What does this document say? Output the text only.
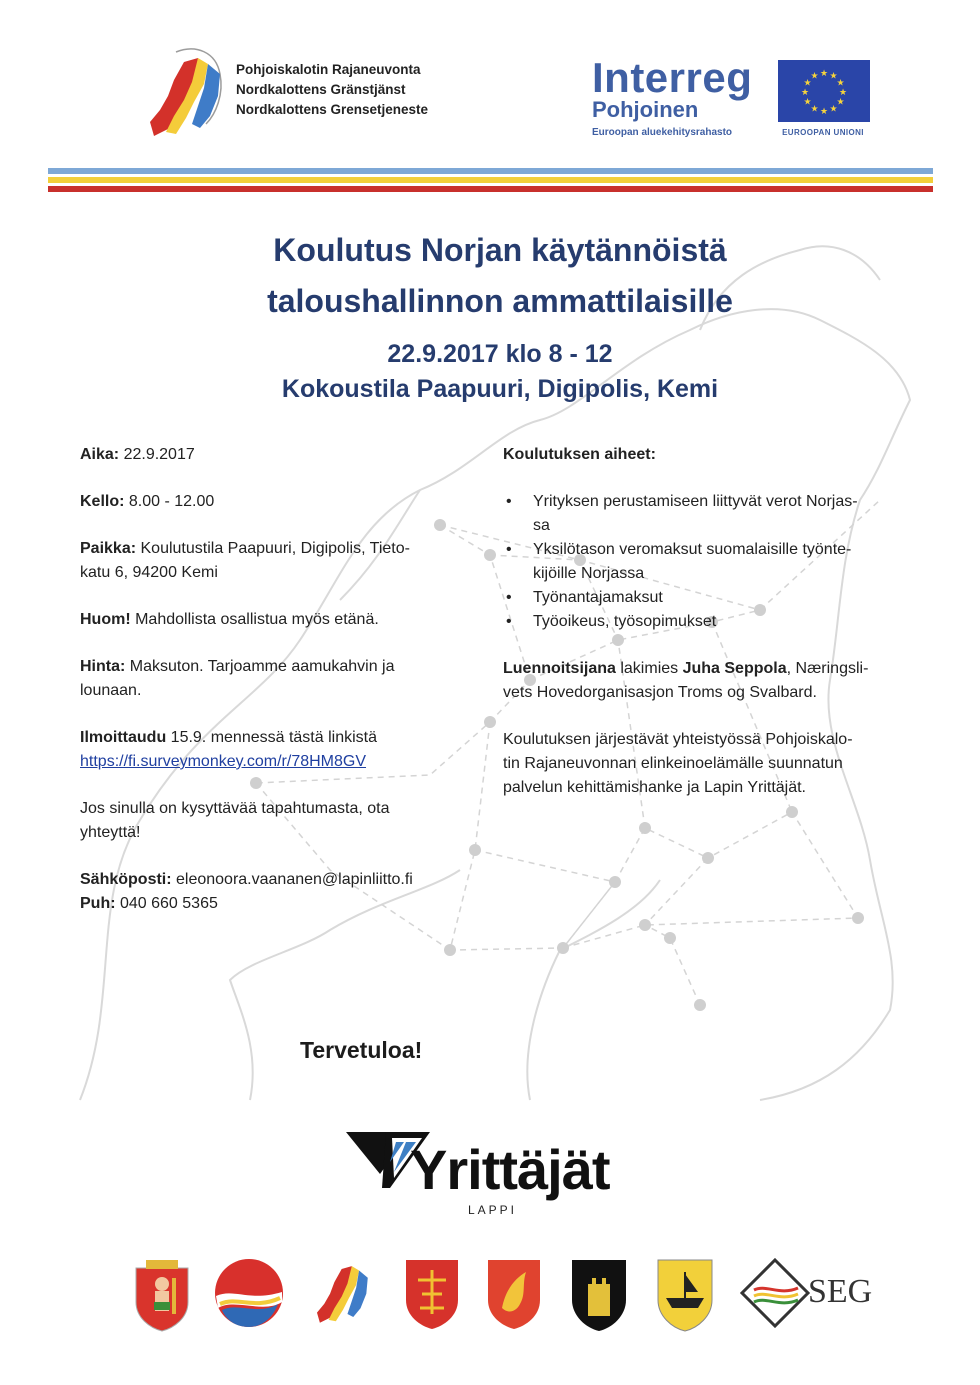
Pohjoiskalotin Rajaneuvonta
Nordkalottens Gränstjänst
Nordkalottens Grensetjeneste
Interreg
Pohjoinen
Euroopan aluekehitysrahasto
★ ★
★
★
★
★
★
★
★
★
★
★
EUROOPAN UNIONI
Koulutus Norjan käytännöistä
taloushallinnon ammattilaisille
22.9.2017 klo 8 - 12
Kokoustila Paapuuri, Digipolis, Kemi
Aika: 22.9.2017
Kello: 8.00 - 12.00
Paikka: Koulutustila Paapuuri, Digipolis, Tieto-
katu 6, 94200 Kemi
Huom! Mahdollista osallistua myös etänä.
Hinta: Maksuton. Tarjoamme aamukahvin ja
lounaan.
Ilmoittaudu 15.9. mennessä tästä linkistä
https://fi.surveymonkey.com/r/78HM8GV
Jos sinulla on kysyttävää tapahtumasta, ota
yhteyttä!
Sähköposti: eleonoora.vaananen@lapinliitto.fi
Puh: 040 660 5365
Koulutuksen aiheet:
• Yrityksen perustamiseen liittyvät verot Norjas-
sa
• Yksilötason veromaksut suomalaisille työnte-
kijöille Norjassa
• Työnantajamaksut
• Työoikeus, työsopimukset
Luennoitsijana lakimies Juha Seppola, Næringsli-
vets Hovedorganisasjon Troms og Svalbard.
Koulutuksen järjestävät yhteistyössä Pohjoiskalo-
tin Rajaneuvonnan elinkeinoelämälle suunnatun
palvelun kehittämishanke ja Lapin Yrittäjät.
Tervetuloa!
Yrittäjät
LAPPI
SEG
